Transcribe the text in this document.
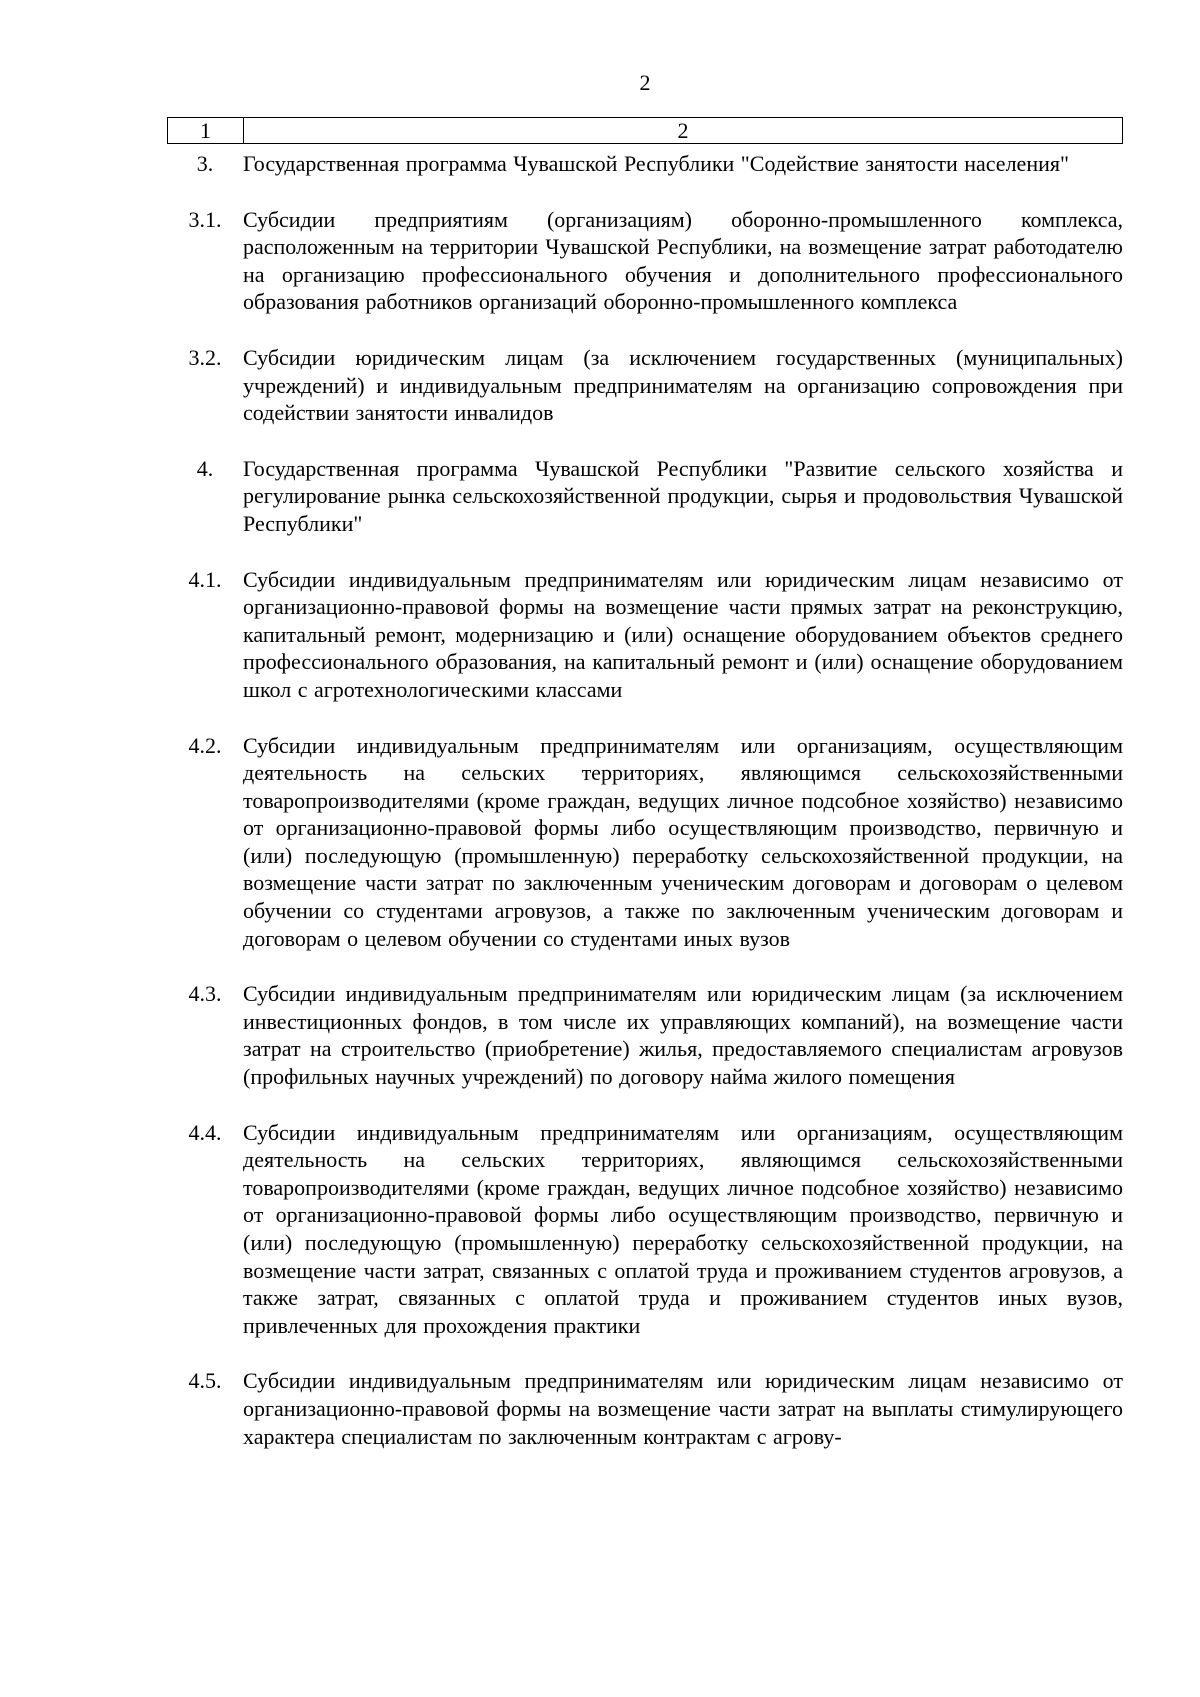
2
1	2
3.	Государственная программа Чувашской Республики "Содействие занятости населения"
3.1. Субсидии предприятиям (организациям) оборонно-промышленного комплекса, расположенным на территории Чувашской Республики, на возмещение затрат работодателю на организацию профессионального обучения и дополнительного профессионального образования работников организаций оборонно-промышленного комплекса
3.2. Субсидии юридическим лицам (за исключением государственных (муниципальных) учреждений) и индивидуальным предпринимателям на организацию сопровождения при содействии занятости инвалидов
4.	Государственная программа Чувашской Республики "Развитие сельского хозяйства и регулирование рынка сельскохозяйственной продукции, сырья и продовольствия Чувашской Республики"
4.1. Субсидии индивидуальным предпринимателям или юридическим лицам независимо от организационно-правовой формы на возмещение части прямых затрат на реконструкцию, капитальный ремонт, модернизацию и (или) оснащение оборудованием объектов среднего профессионального образования, на капитальный ремонт и (или) оснащение оборудованием школ с агротехнологическими классами
4.2. Субсидии индивидуальным предпринимателям или организациям, осуществляющим деятельность на сельских территориях, являющимся сельскохозяйственными товаропроизводителями (кроме граждан, ведущих личное подсобное хозяйство) независимо от организационно-правовой формы либо осуществляющим производство, первичную и (или) последующую (промышленную) переработку сельскохозяйственной продукции, на возмещение части затрат по заключенным ученическим договорам и договорам о целевом обучении со студентами агровузов, а также по заключенным ученическим договорам и договорам о целевом обучении со студентами иных вузов
4.3. Субсидии индивидуальным предпринимателям или юридическим лицам (за исключением инвестиционных фондов, в том числе их управляющих компаний), на возмещение части затрат на строительство (приобретение) жилья, предоставляемого специалистам агровузов (профильных научных учреждений) по договору найма жилого помещения
4.4. Субсидии индивидуальным предпринимателям или организациям, осуществляющим деятельность на сельских территориях, являющимся сельскохозяйственными товаропроизводителями (кроме граждан, ведущих личное подсобное хозяйство) независимо от организационно-правовой формы либо осуществляющим производство, первичную и (или) последующую (промышленную) переработку сельскохозяйственной продукции, на возмещение части затрат, связанных с оплатой труда и проживанием студентов агровузов, а также затрат, связанных с оплатой труда и проживанием студентов иных вузов, привлеченных для прохождения практики
4.5. Субсидии индивидуальным предпринимателям или юридическим лицам независимо от организационно-правовой формы на возмещение части затрат на выплаты стимулирующего характера специалистам по заключенным контрактам с агрову-
